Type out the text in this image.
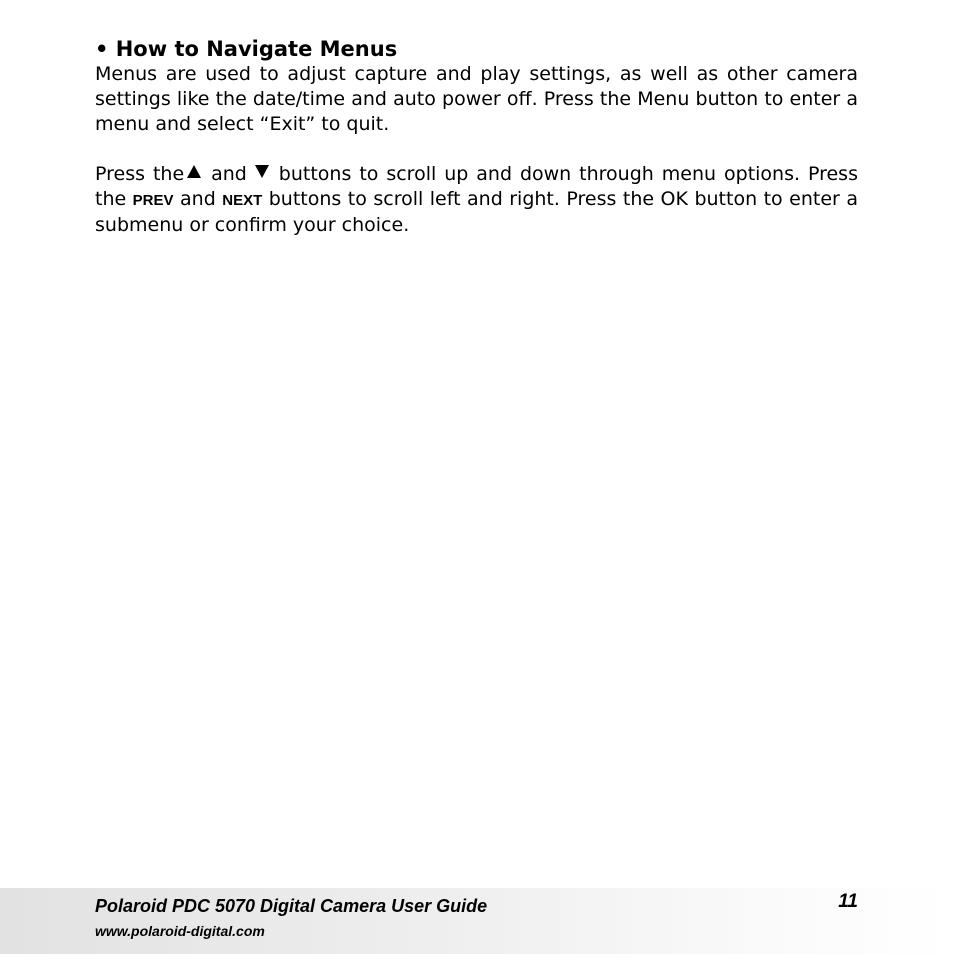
• How to Navigate Menus

Menus are used to adjust capture and play settings, as well as other camera settings like the date/time and auto power off. Press the Menu button to enter a menu and select “Exit” to quit.

Press the and buttons to scroll up and down through menu options. Press the PREV and NEXT buttons to scroll left and right. Press the OK button to enter a submenu or confirm your choice.

Polaroid PDC 5070 Digital Camera User Guide

www.polaroid-digital.com

11
